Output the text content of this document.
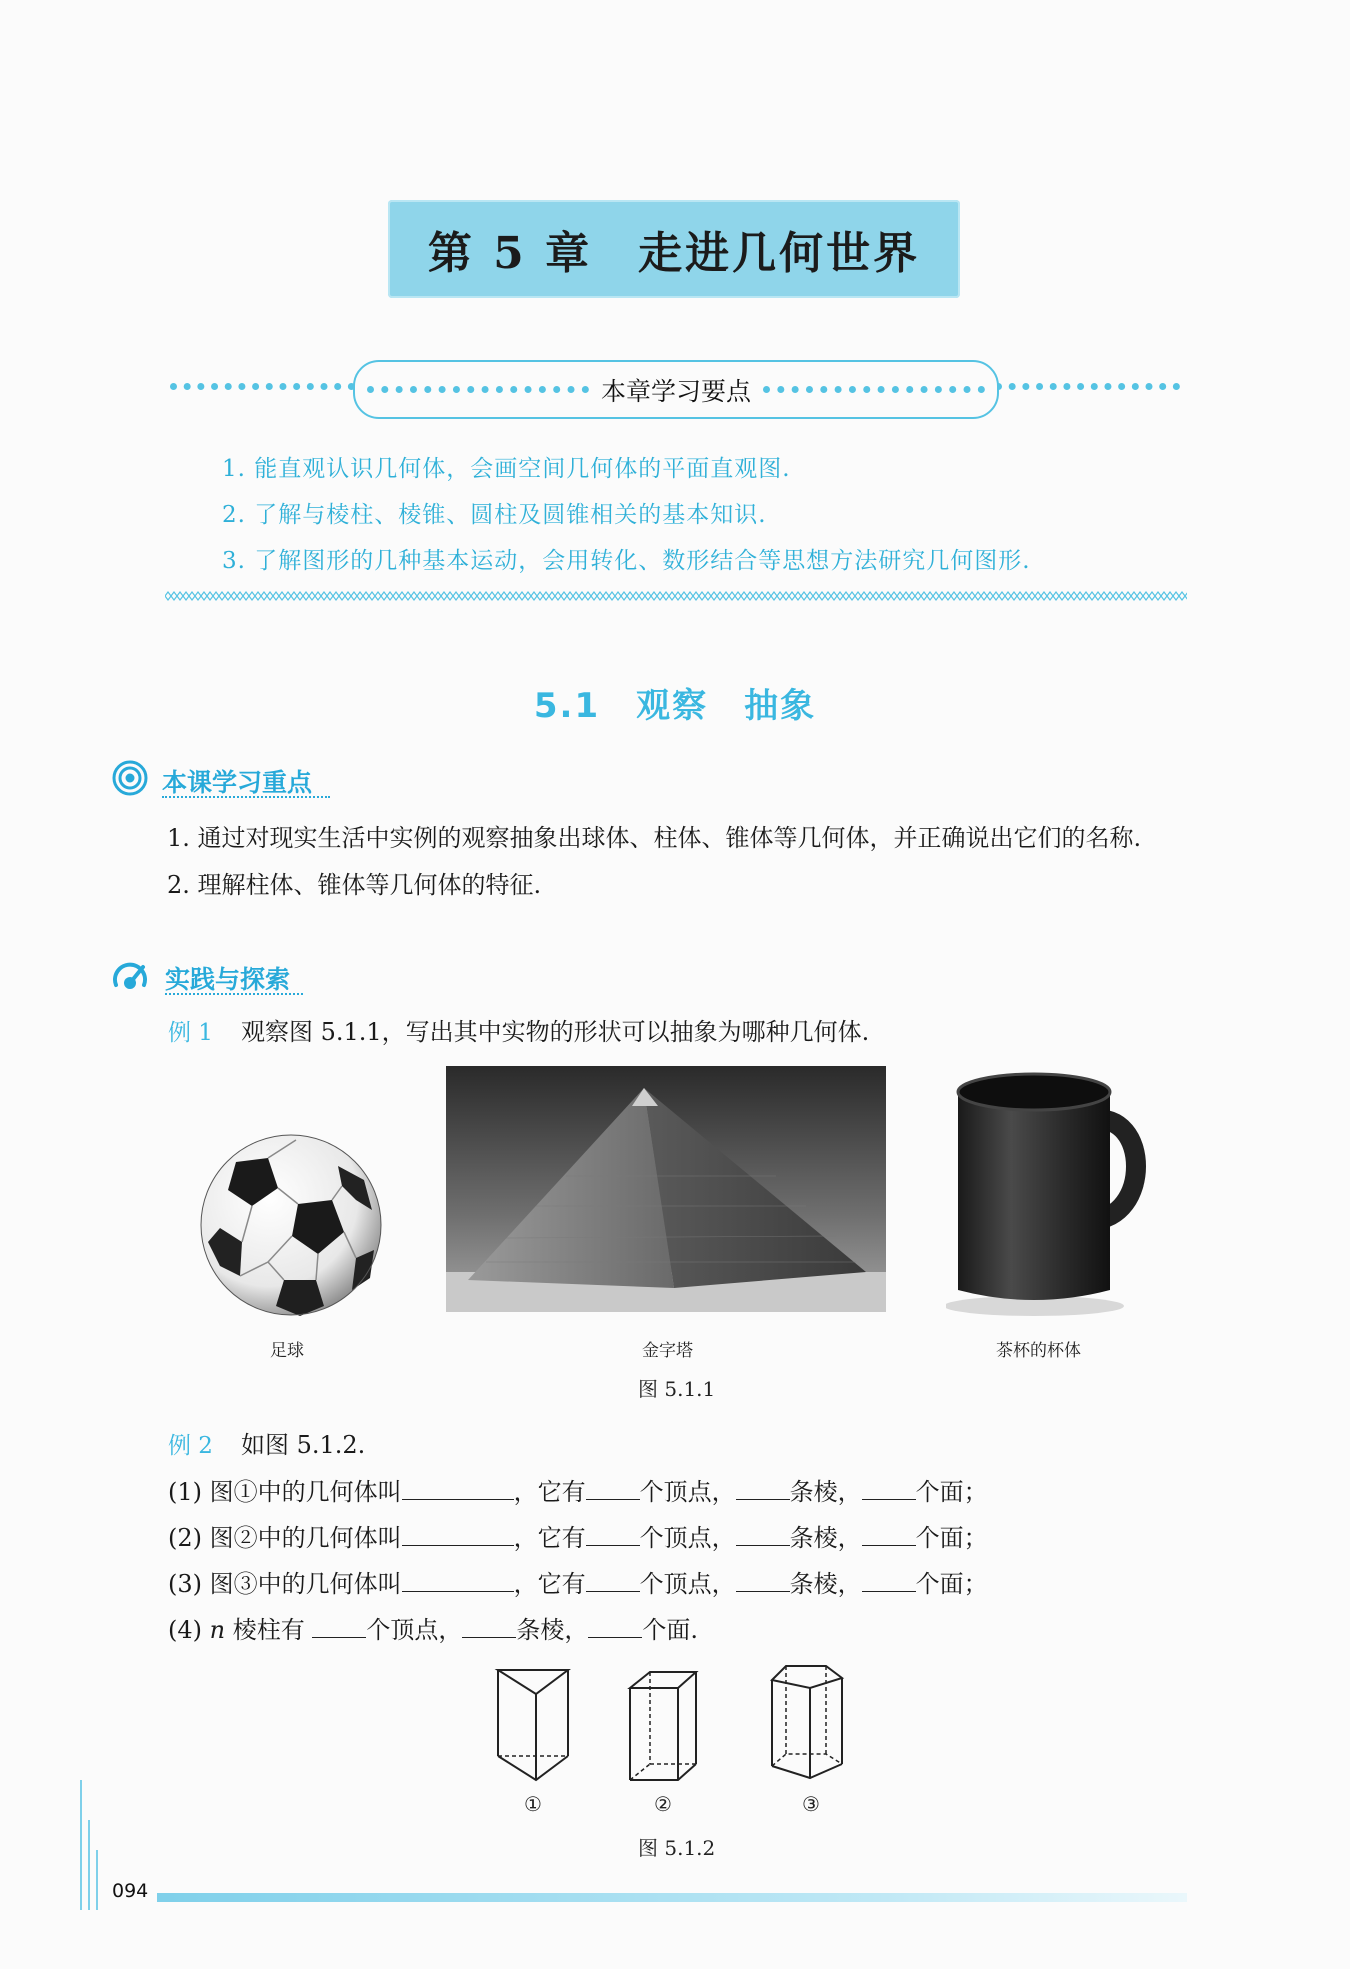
第 5 章 走进几何世界
本章学习要点
1. 能直观认识几何体，会画空间几何体的平面直观图.
2. 了解与棱柱、棱锥、圆柱及圆锥相关的基本知识.
3. 了解图形的几种基本运动，会用转化、数形结合等思想方法研究几何图形.
5.1 观察 抽象
本课学习重点
1. 通过对现实生活中实例的观察抽象出球体、柱体、锥体等几何体，并正确说出它们的名称.
2. 理解柱体、锥体等几何体的特征.
实践与探索
例 1 观察图 5.1.1，写出其中实物的形状可以抽象为哪种几何体.
足球	金字塔	茶杯的杯体
图 5.1.1
例 2 如图 5.1.2.
(1) 图①中的几何体叫	，它有 个顶点， 条棱， 个面；
(2) 图②中的几何体叫	，它有 个顶点， 条棱， 个面；
(3) 图③中的几何体叫	，它有 个顶点， 条棱， 个面；
(4) n 棱柱有	个顶点， 条棱， 个面.
①	②	③
图 5.1.2
094
